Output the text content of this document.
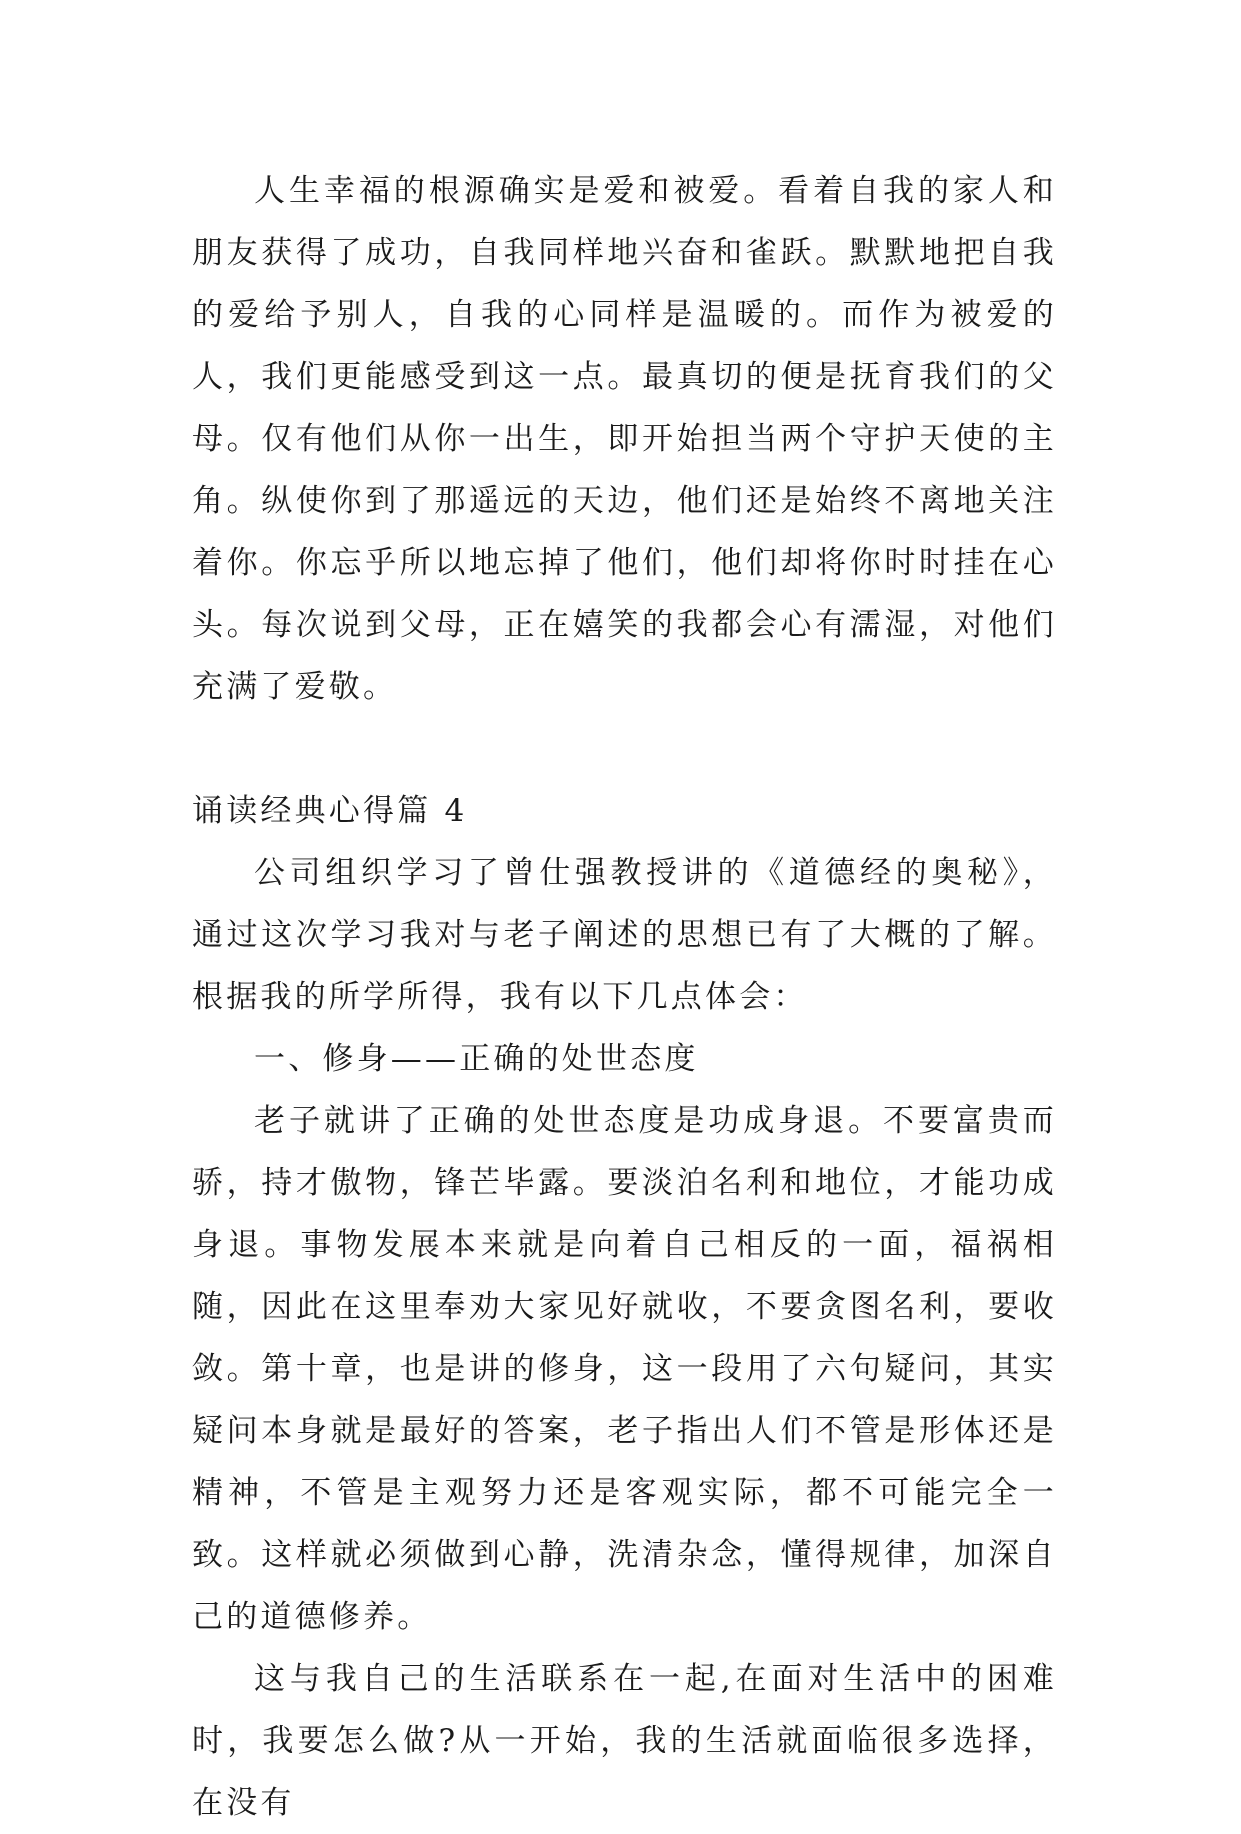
人生幸福的根源确实是爱和被爱。看着自我的家人和朋友获得了成功，自我同样地兴奋和雀跃。默默地把自我的爱给予别人，自我的心同样是温暖的。而作为被爱的人，我们更能感受到这一点。最真切的便是抚育我们的父母。仅有他们从你一出生，即开始担当两个守护天使的主角。纵使你到了那遥远的天边，他们还是始终不离地关注着你。你忘乎所以地忘掉了他们，他们却将你时时挂在心头。每次说到父母，正在嬉笑的我都会心有濡湿，对他们充满了爱敬。

诵读经典心得篇 4

公司组织学习了曾仕强教授讲的《道德经的奥秘》，通过这次学习我对与老子阐述的思想已有了大概的了解。根据我的所学所得，我有以下几点体会：

一、修身——正确的处世态度

老子就讲了正确的处世态度是功成身退。不要富贵而骄，持才傲物，锋芒毕露。要淡泊名利和地位，才能功成身退。事物发展本来就是向着自己相反的一面，福祸相随，因此在这里奉劝大家见好就收，不要贪图名利，要收敛。第十章，也是讲的修身，这一段用了六句疑问，其实疑问本身就是最好的答案，老子指出人们不管是形体还是精神，不管是主观努力还是客观实际，都不可能完全一致。这样就必须做到心静，洗清杂念，懂得规律，加深自己的道德修养。

这与我自己的生活联系在一起,在面对生活中的困难时，我要怎么做?从一开始，我的生活就面临很多选择，在没有
